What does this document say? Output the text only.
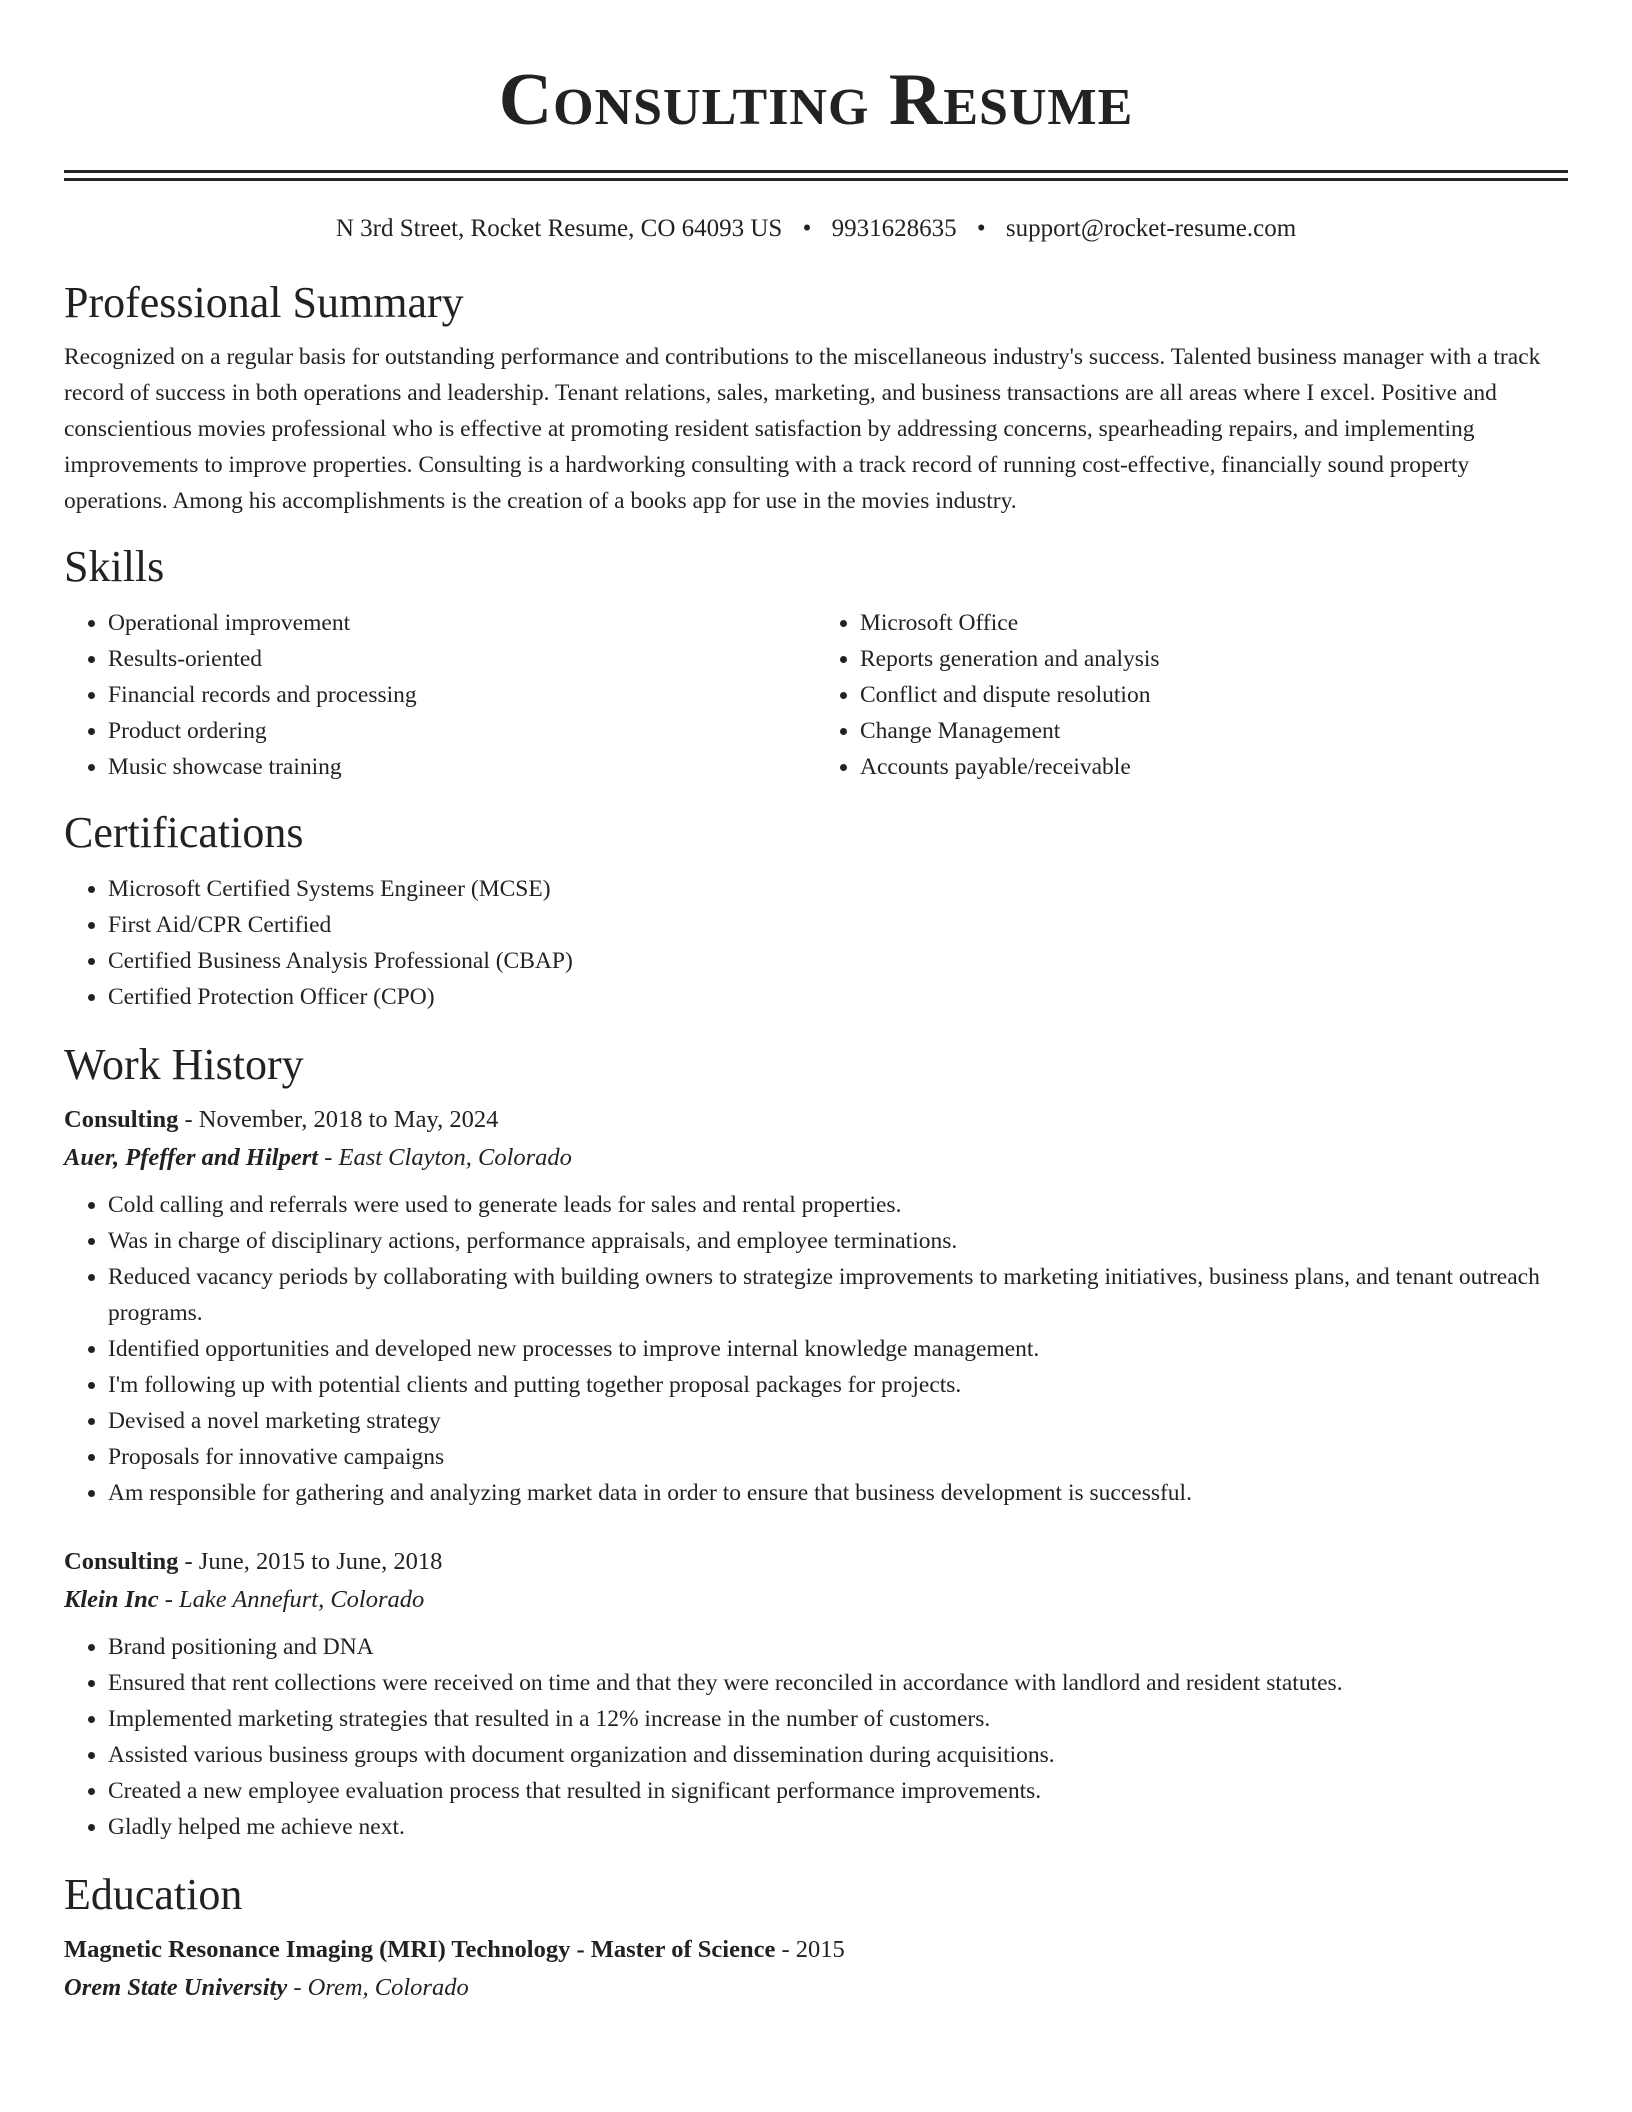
Consulting Resume
N 3rd Street, Rocket Resume, CO 64093 US • 9931628635 • support@rocket-resume.com
Professional Summary

Recognized on a regular basis for outstanding performance and contributions to the miscellaneous industry's success. Talented business manager with a track record of success in both operations and leadership. Tenant relations, sales, marketing, and business transactions are all areas where I excel. Positive and conscientious movies professional who is effective at promoting resident satisfaction by addressing concerns, spearheading repairs, and implementing improvements to improve properties. Consulting is a hardworking consulting with a track record of running cost-effective, financially sound property operations. Among his accomplishments is the creation of a books app for use in the movies industry.

Skills
• Operational improvement
• Results-oriented
• Financial records and processing
• Product ordering
• Music showcase training
• Microsoft Office
• Reports generation and analysis
• Conflict and dispute resolution
• Change Management
• Accounts payable/receivable
Certifications
• Microsoft Certified Systems Engineer (MCSE)
• First Aid/CPR Certified
• Certified Business Analysis Professional (CBAP)
• Certified Protection Officer (CPO)
Work History
Consulting - November, 2018 to May, 2024
Auer, Pfeffer and Hilpert - East Clayton, Colorado
• Cold calling and referrals were used to generate leads for sales and rental properties.
• Was in charge of disciplinary actions, performance appraisals, and employee terminations.
• Reduced vacancy periods by collaborating with building owners to strategize improvements to marketing initiatives, business plans, and tenant outreach programs.
• Identified opportunities and developed new processes to improve internal knowledge management.
• I'm following up with potential clients and putting together proposal packages for projects.
• Devised a novel marketing strategy
• Proposals for innovative campaigns
• Am responsible for gathering and analyzing market data in order to ensure that business development is successful.
Consulting - June, 2015 to June, 2018
Klein Inc - Lake Annefurt, Colorado
• Brand positioning and DNA
• Ensured that rent collections were received on time and that they were reconciled in accordance with landlord and resident statutes.
• Implemented marketing strategies that resulted in a 12% increase in the number of customers.
• Assisted various business groups with document organization and dissemination during acquisitions.
• Created a new employee evaluation process that resulted in significant performance improvements.
• Gladly helped me achieve next.
Education
Magnetic Resonance Imaging (MRI) Technology - Master of Science - 2015
Orem State University - Orem, Colorado
